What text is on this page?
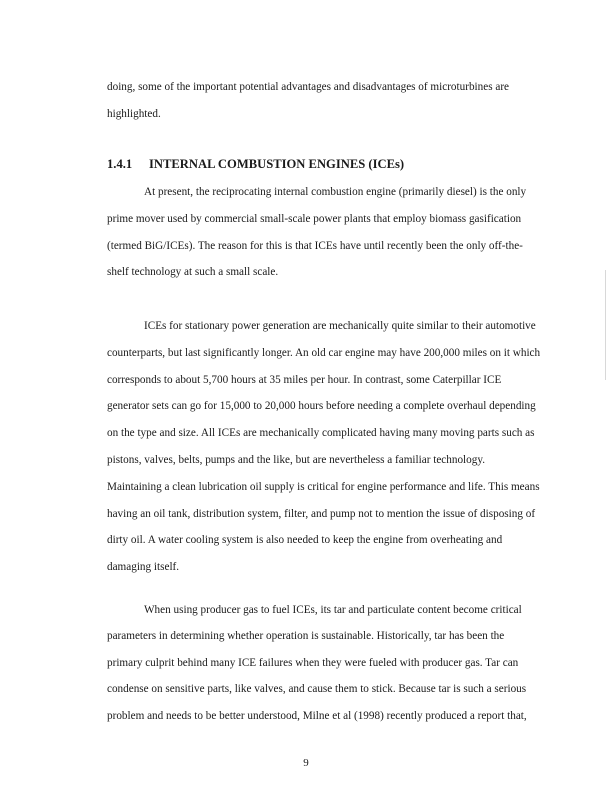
doing, some of the important potential advantages and disadvantages of microturbines are
highlighted.
1.4.1 INTERNAL COMBUSTION ENGINES (ICEs)
At present, the reciprocating internal combustion engine (primarily diesel) is the only
prime mover used by commercial small-scale power plants that employ biomass gasification
(termed BiG/ICEs). The reason for this is that ICEs have until recently been the only off-the-
shelf technology at such a small scale.
ICEs for stationary power generation are mechanically quite similar to their automotive
counterparts, but last significantly longer. An old car engine may have 200,000 miles on it which
corresponds to about 5,700 hours at 35 miles per hour. In contrast, some Caterpillar ICE
generator sets can go for 15,000 to 20,000 hours before needing a complete overhaul depending
on the type and size. All ICEs are mechanically complicated having many moving parts such as
pistons, valves, belts, pumps and the like, but are nevertheless a familiar technology.
Maintaining a clean lubrication oil supply is critical for engine performance and life. This means
having an oil tank, distribution system, filter, and pump not to mention the issue of disposing of
dirty oil. A water cooling system is also needed to keep the engine from overheating and
damaging itself.
When using producer gas to fuel ICEs, its tar and particulate content become critical
parameters in determining whether operation is sustainable. Historically, tar has been the
primary culprit behind many ICE failures when they were fueled with producer gas. Tar can
condense on sensitive parts, like valves, and cause them to stick. Because tar is such a serious
problem and needs to be better understood, Milne et al (1998) recently produced a report that,
9
